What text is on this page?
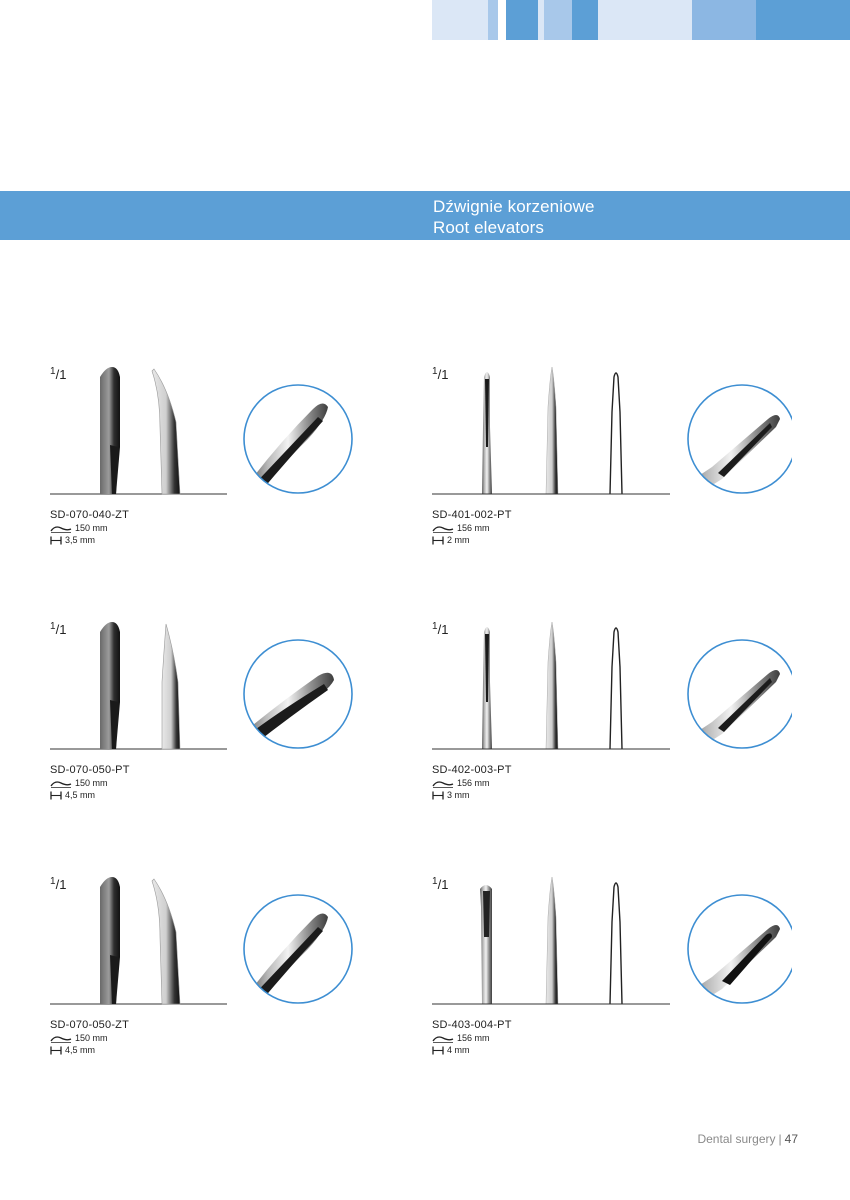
Dźwignie korzeniowe
Root elevators
$^1$/1
SD-070-040-ZT
150 mm
3,5 mm
$^1$/1
SD-401-002-PT
156 mm
2 mm
$^1$/1
SD-070-050-PT
150 mm
4,5 mm
$^1$/1
SD-402-003-PT
156 mm
3 mm
$^1$/1
SD-070-050-ZT
150 mm
4,5 mm
$^1$/1
SD-403-004-PT
156 mm
4 mm
Dental surgery | 47
